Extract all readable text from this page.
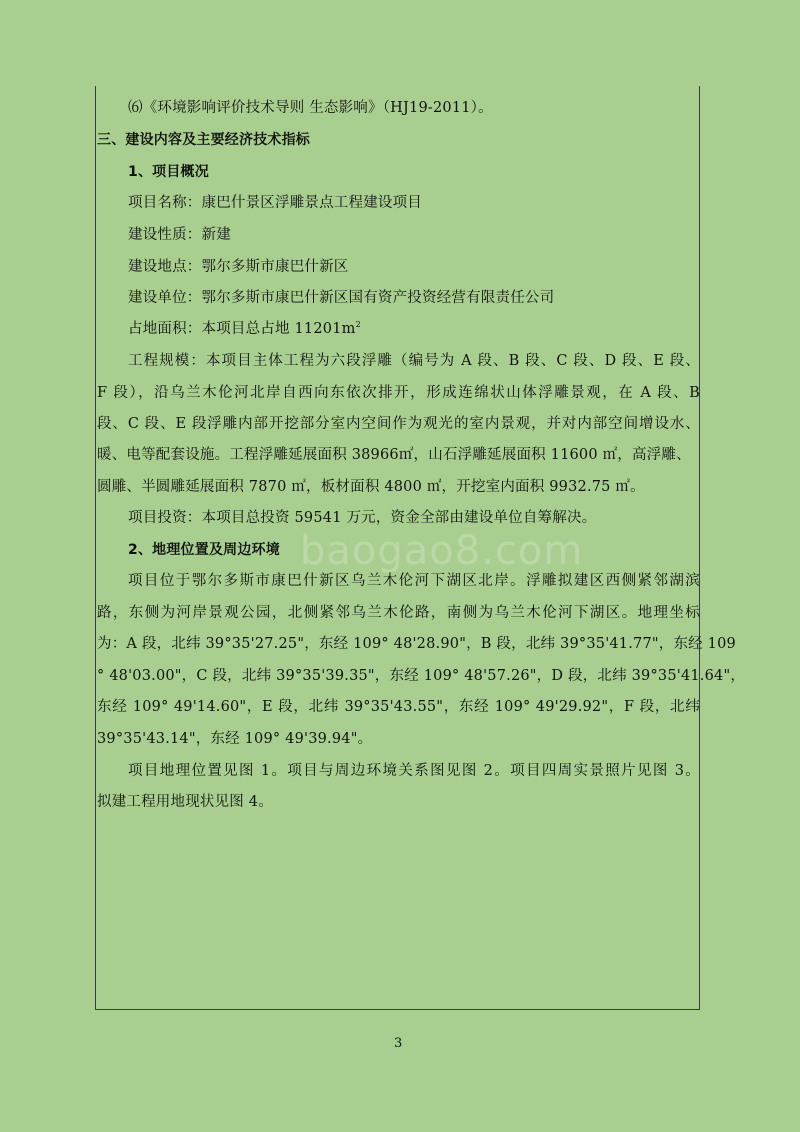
baogao8.com
⑹《环境影响评价技术导则 生态影响》（HJ19-2011）。
三、建设内容及主要经济技术指标
1、项目概况
项目名称：康巴什景区浮雕景点工程建设项目
建设性质：新建
建设地点：鄂尔多斯市康巴什新区
建设单位：鄂尔多斯市康巴什新区国有资产投资经营有限责任公司
占地面积：本项目总占地 $11201m^2$
工程规模：本项目主体工程为六段浮雕（编号为 A 段、B 段、C 段、D 段、E 段、
F 段），沿乌兰木伦河北岸自西向东依次排开，形成连绵状山体浮雕景观，在 A 段、B
段、C 段、E 段浮雕内部开挖部分室内空间作为观光的室内景观，并对内部空间增设水、
暖、电等配套设施。工程浮雕延展面积 38966㎡，山石浮雕延展面积 11600 ㎡，高浮雕、
圆雕、半圆雕延展面积 7870 ㎡，板材面积 4800 ㎡，开挖室内面积 9932.75 ㎡。
项目投资：本项目总投资 59541 万元，资金全部由建设单位自筹解决。
2、地理位置及周边环境
项目位于鄂尔多斯市康巴什新区乌兰木伦河下湖区北岸。浮雕拟建区西侧紧邻湖滨
路，东侧为河岸景观公园，北侧紧邻乌兰木伦路，南侧为乌兰木伦河下湖区。地理坐标
为：A 段，北纬 39°35'27.25"，东经 109° 48'28.90"，B 段，北纬 39°35'41.77"，东经 109
° 48'03.00"，C 段，北纬 39°35'39.35"，东经 109° 48'57.26"，D 段，北纬 39°35'41.64"，
东经 109° 49'14.60"，E 段，北纬 39°35'43.55"，东经 109° 49'29.92"，F 段，北纬
39°35'43.14"，东经 109° 49'39.94"。
项目地理位置见图 1。项目与周边环境关系图见图 2。项目四周实景照片见图 3。
拟建工程用地现状见图 4。
3
